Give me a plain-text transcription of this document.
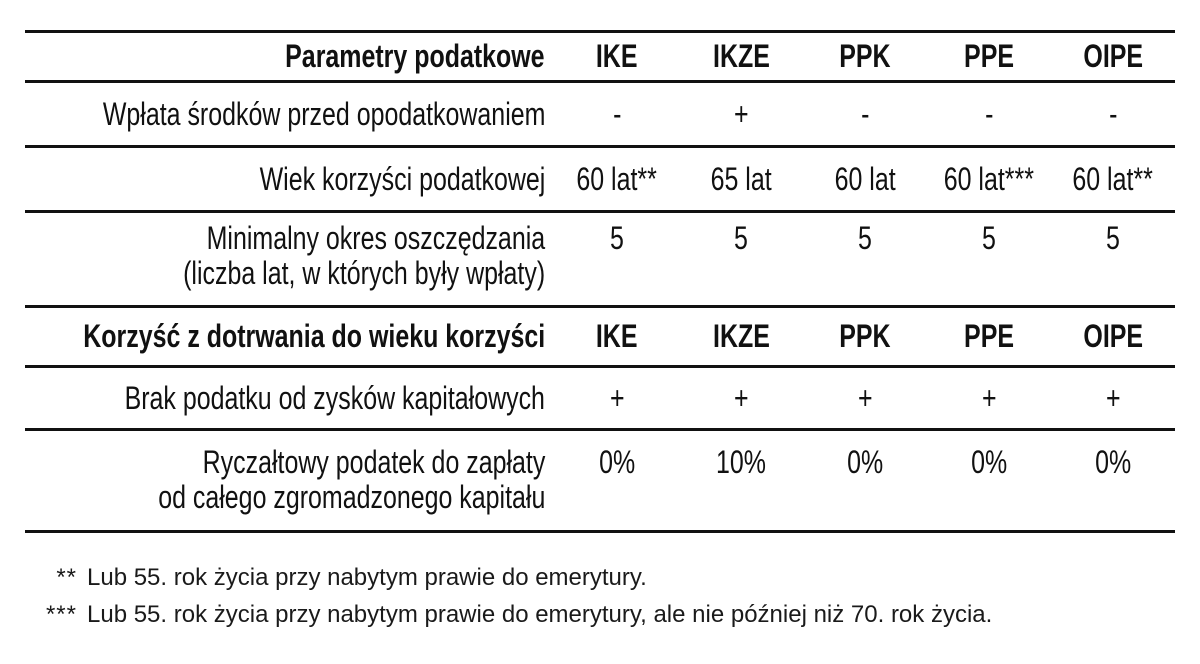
Parametry podatkowe IKE IKZE PPK PPE OIPE
Wpłata środków przed opodatkowaniem -	+	-	-	-
Wiek korzyści podatkowej 60 lat** 65 lat 60 lat 60 lat*** 60 lat**
Minimalny okres oszczędzania
(liczba lat, w których były wpłaty)
5	5	5	5	5
Korzyść z dotrwania do wieku korzyści IKE IKZE PPK PPE OIPE
Brak podatku od zysków kapitałowych +	+	+	+	+
Ryczałtowy podatek do zapłaty
od całego zgromadzonego kapitału
0%	10%	0%	0%	0%
** Lub 55. rok życia przy nabytym prawie do emerytury.
*** Lub 55. rok życia przy nabytym prawie do emerytury, ale nie później niż 70. rok życia.
